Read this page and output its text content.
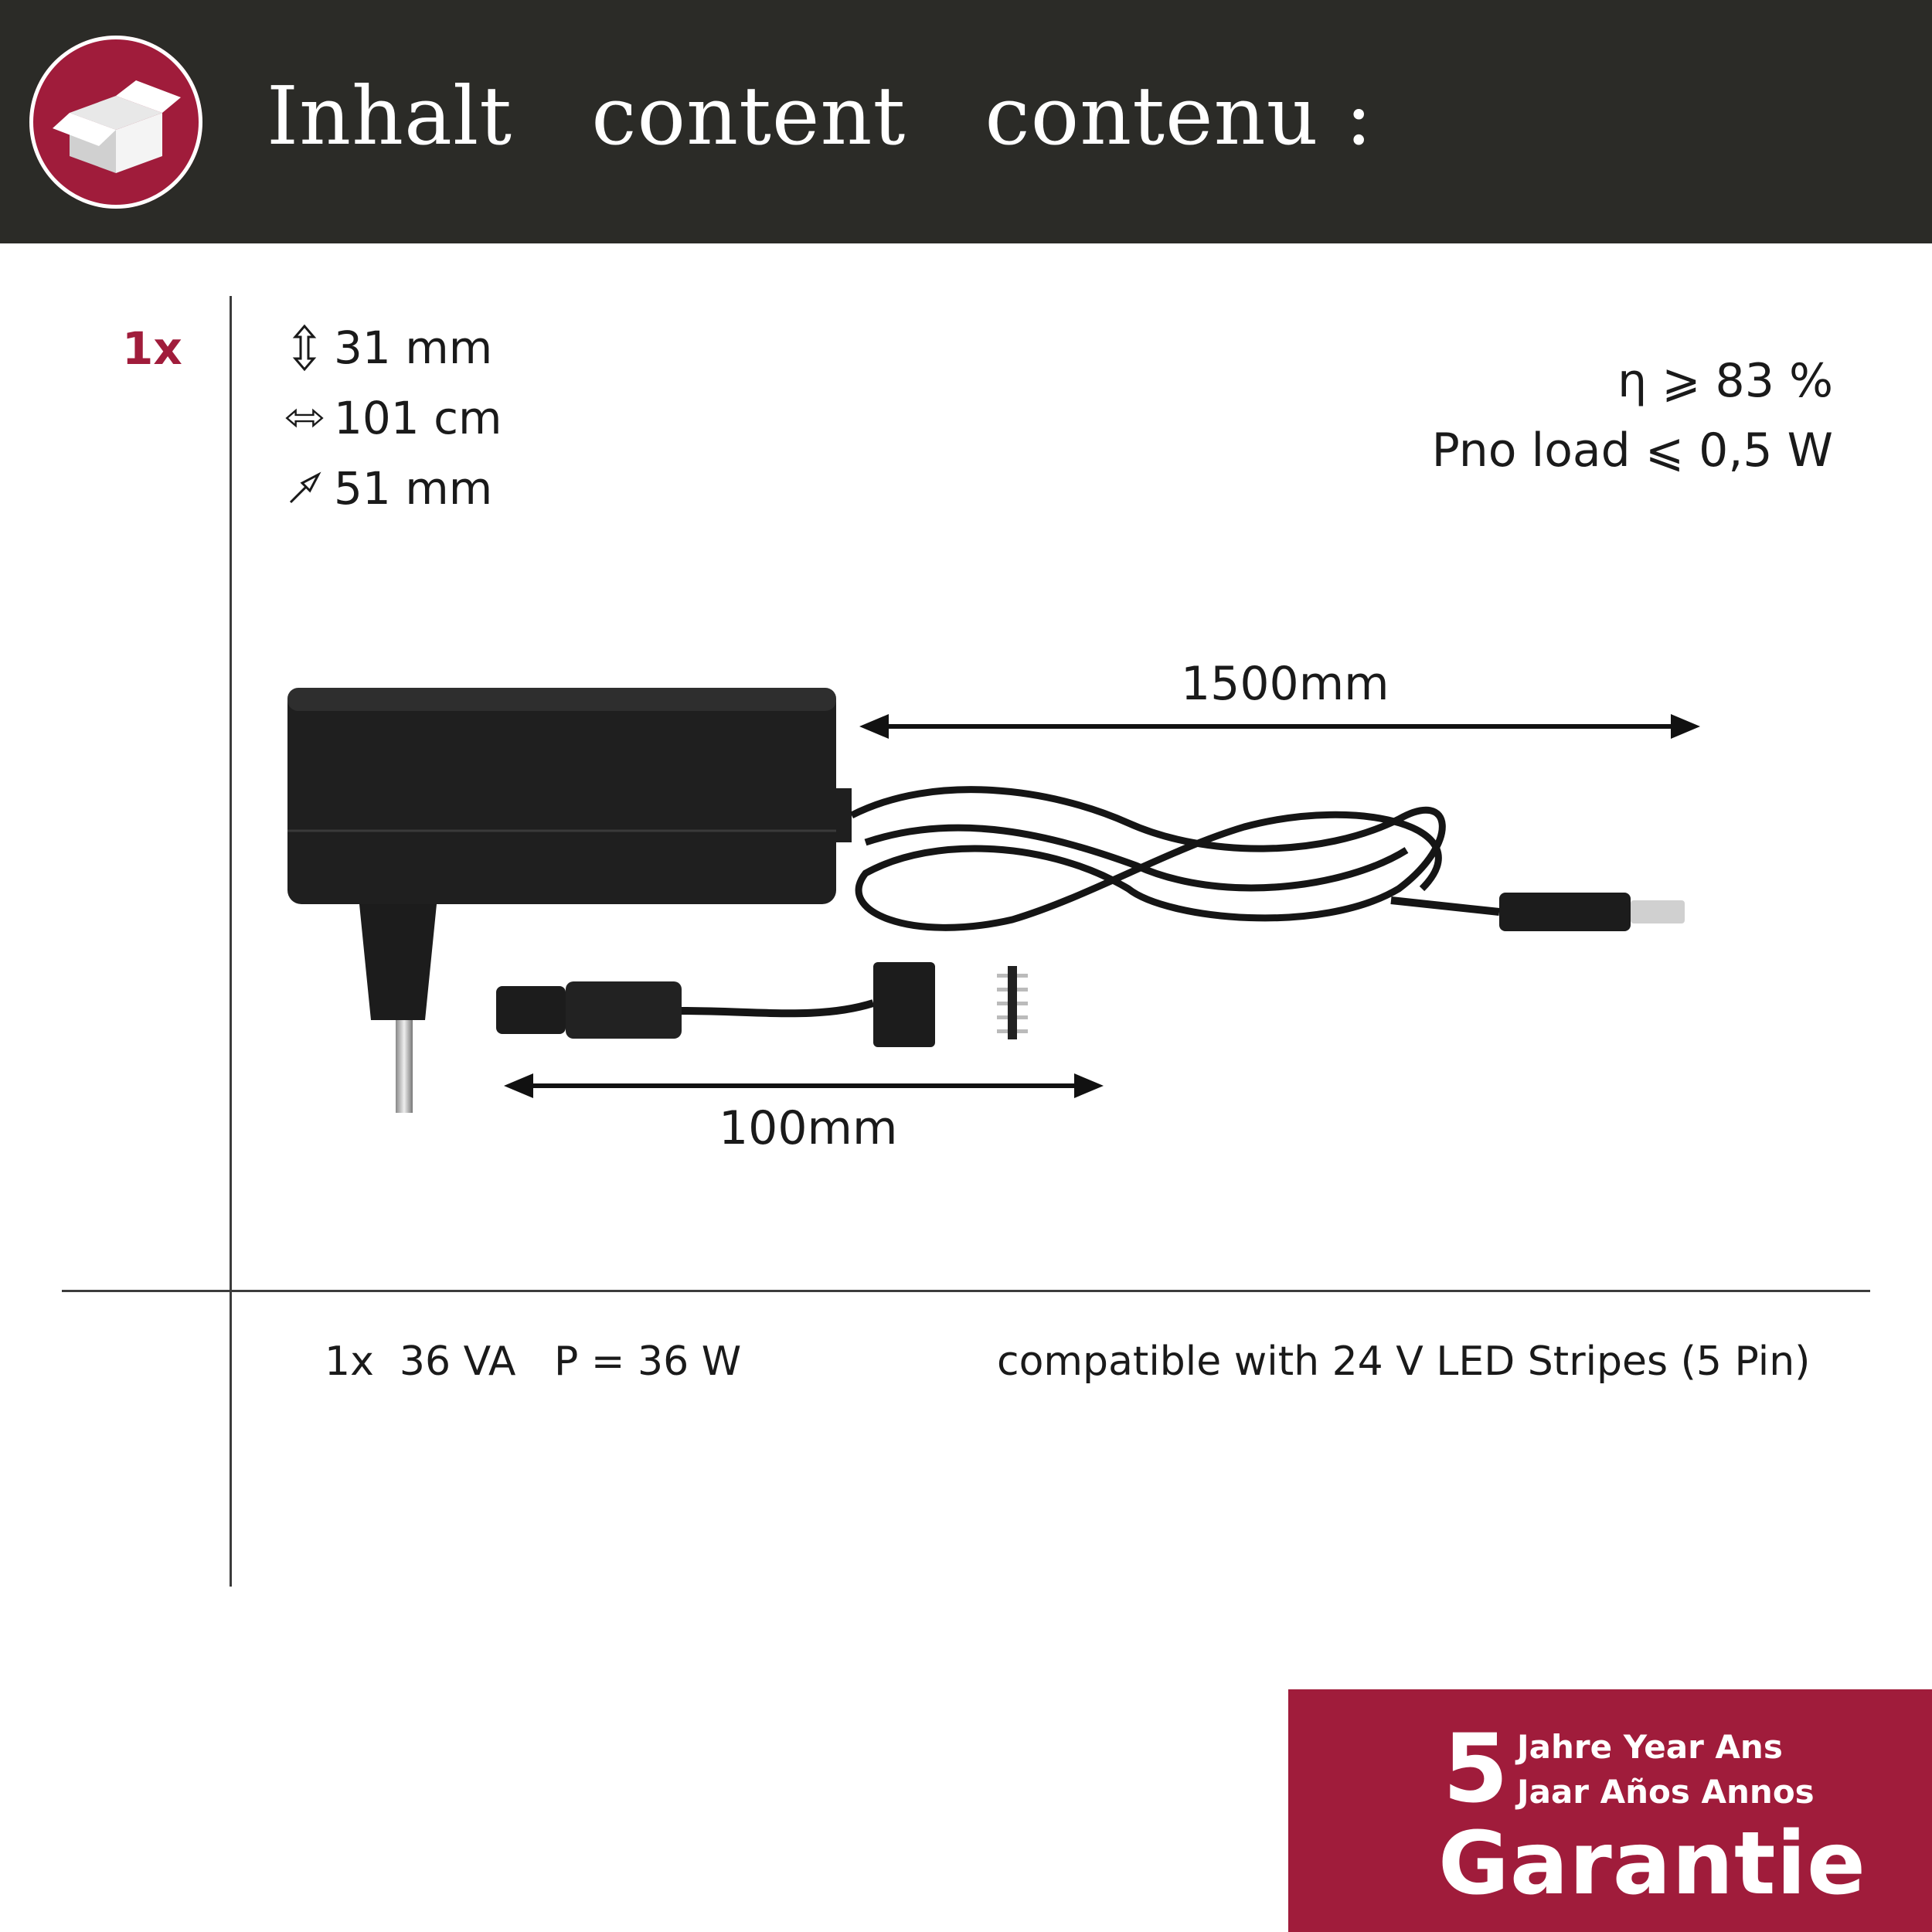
Inhalt   content   contenu :
1x	31 mm
101 cm
51 mm
η ⩾ 83 %
Pno load ⩽ 0,5 W
1500mm
100mm
1x  36 VA   P = 36 W	compatible with 24 V LED Stripes (5 Pin)
5 Jahre Year Ans
Jaar Años Annos
Garantie
